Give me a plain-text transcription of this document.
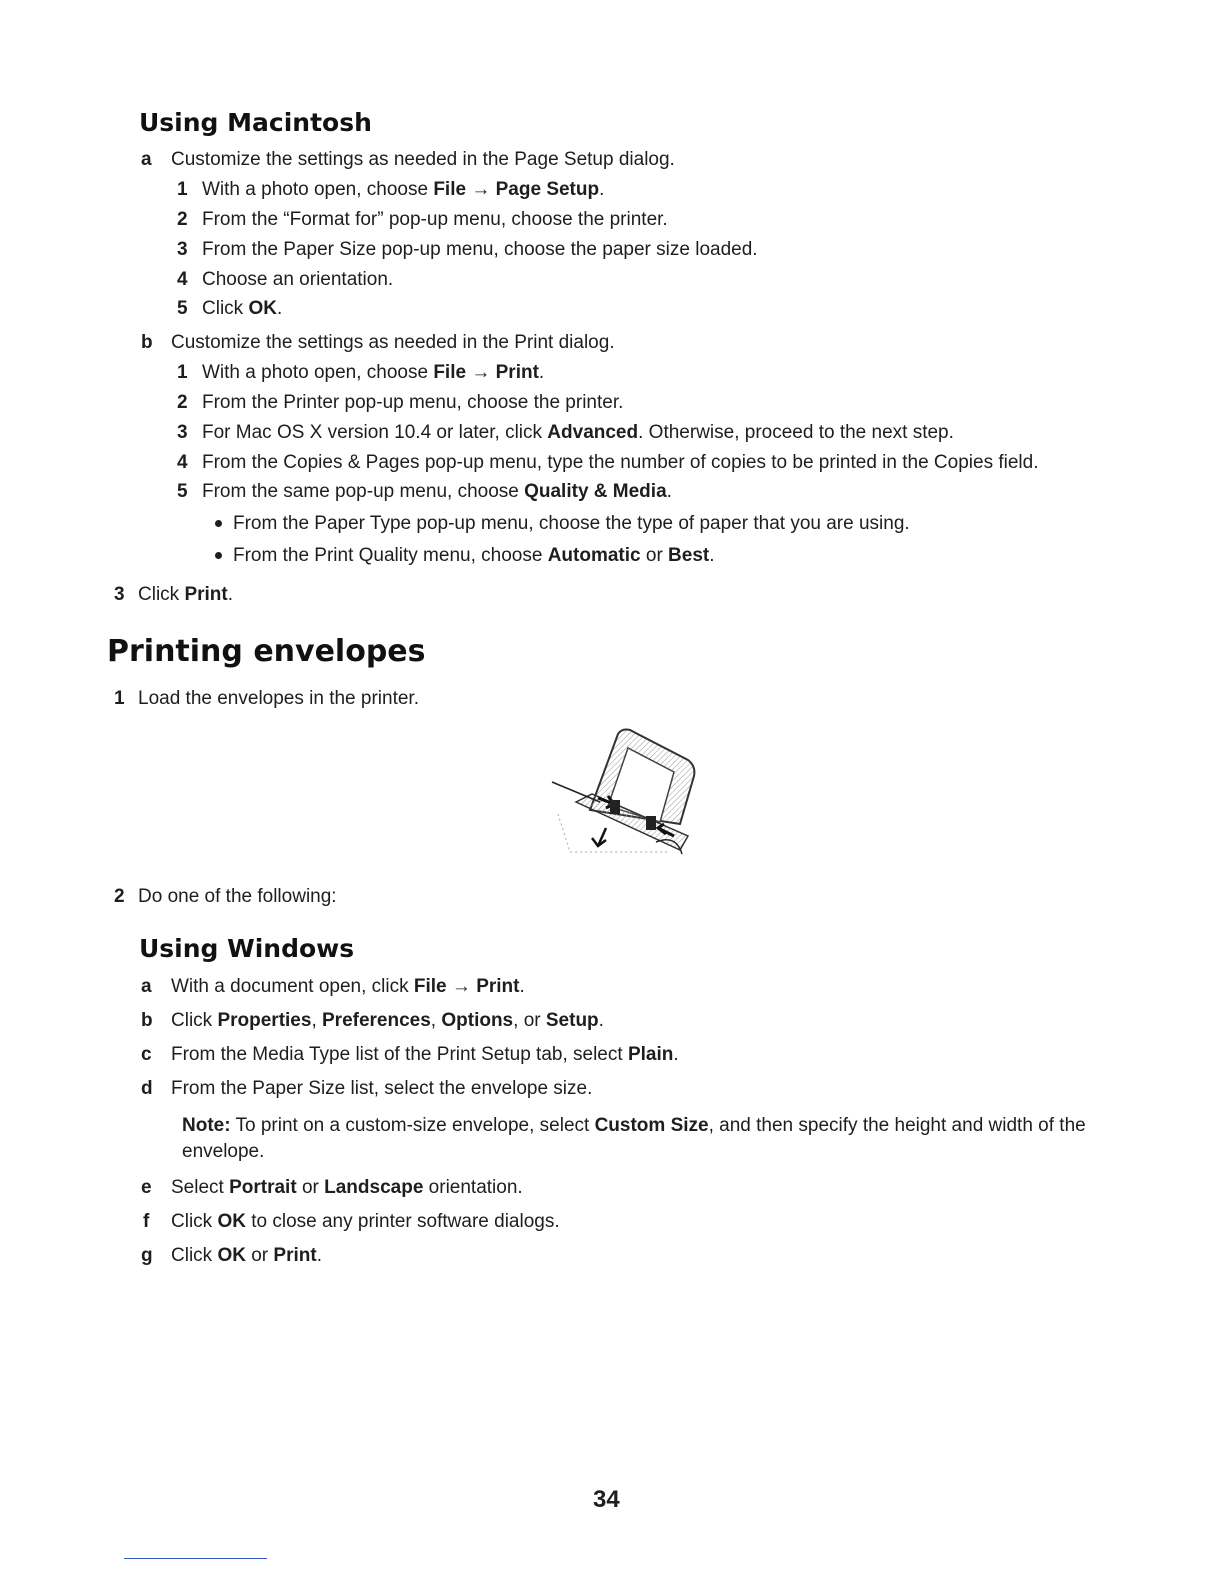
Using Macintosh
a Customize the settings as needed in the Page Setup dialog.
1 With a photo open, choose File → Page Setup.
2 From the “Format for” pop-up menu, choose the printer.
3 From the Paper Size pop-up menu, choose the paper size loaded.
4 Choose an orientation.
5 Click OK.
b Customize the settings as needed in the Print dialog.
1 With a photo open, choose File → Print.
2 From the Printer pop-up menu, choose the printer.
3 For Mac OS X version 10.4 or later, click Advanced. Otherwise, proceed to the next step.
4 From the Copies & Pages pop-up menu, type the number of copies to be printed in the Copies field.
5 From the same pop-up menu, choose Quality & Media.
From the Paper Type pop-up menu, choose the type of paper that you are using.
From the Print Quality menu, choose Automatic or Best.
3 Click Print.
Printing envelopes
1 Load the envelopes in the printer.
2 Do one of the following:
Using Windows
a With a document open, click File → Print.
b Click Properties, Preferences, Options, or Setup.
c From the Media Type list of the Print Setup tab, select Plain.
d From the Paper Size list, select the envelope size.
Note: To print on a custom-size envelope, select Custom Size, and then specify the height and width of the envelope.
e Select Portrait or Landscape orientation.
f Click OK to close any printer software dialogs.
g Click OK or Print.
34
